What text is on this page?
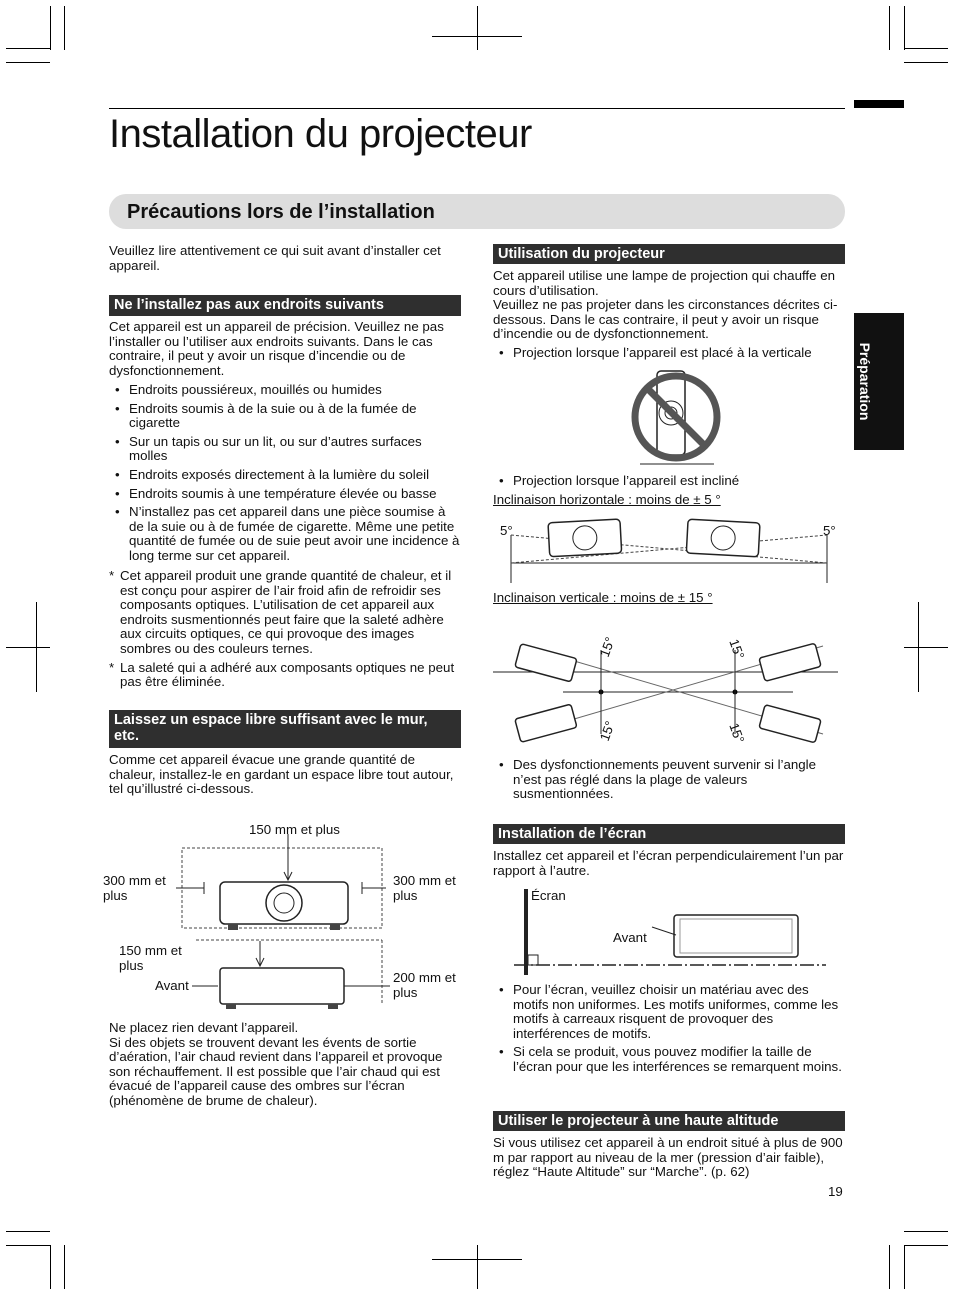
Installation du projecteur
Précautions lors de l’installation
Préparation
Veuillez lire attentivement ce qui suit avant d’installer cet appareil.
Ne l’installez pas aux endroits suivants
Cet appareil est un appareil de précision. Veuillez ne pas l’installer ou l’utiliser aux endroits suivants. Dans le cas contraire, il peut y avoir un risque d’incendie ou de dysfonctionnement.
• Endroits poussiéreux, mouillés ou humides
• Endroits soumis à de la suie ou à de la fumée de cigarette
• Sur un tapis ou sur un lit, ou sur d’autres surfaces molles
• Endroits exposés directement à la lumière du soleil
• Endroits soumis à une température élevée ou basse
• N’installez pas cet appareil dans une pièce soumise à de la suie ou à de fumée de cigarette. Même une petite quantité de fumée ou de suie peut avoir une incidence à long terme sur cet appareil.
* Cet appareil produit une grande quantité de chaleur, et il est conçu pour aspirer de l’air froid afin de refroidir ses composants optiques. L’utilisation de cet appareil aux endroits susmentionnés peut faire que la saleté adhère aux circuits optiques, ce qui provoque des images sombres ou des couleurs ternes.
* La saleté qui a adhéré aux composants optiques ne peut pas être éliminée.
Laissez un espace libre suffisant avec le mur, etc.
Comme cet appareil évacue une grande quantité de chaleur, installez-le en gardant un espace libre tout autour, tel qu’illustré ci-dessous.
150 mm et plus
300 mm et plus
300 mm et plus
150 mm et plus
Avant
200 mm et plus
Ne placez rien devant l’appareil.
Si des objets se trouvent devant les évents de sortie d’aération, l’air chaud revient dans l’appareil et provoque son réchauffement. Il est possible que l’air chaud qui est évacué de l’appareil cause des ombres sur l’écran (phénomène de brume de chaleur).
Utilisation du projecteur
Cet appareil utilise une lampe de projection qui chauffe en cours d’utilisation.
Veuillez ne pas projeter dans les circonstances décrites ci-dessous. Dans le cas contraire, il peut y avoir un risque d’incendie ou de dysfonctionnement.
• Projection lorsque l’appareil est placé à la verticale
• Projection lorsque l’appareil est incliné
Inclinaison horizontale : moins de ± 5 °
5°	5°
Inclinaison verticale : moins de ± 15 °
15°	15°
15°	15°
• Des dysfonctionnements peuvent survenir si l’angle n’est pas réglé dans la plage de valeurs susmentionnées.
Installation de l’écran
Installez cet appareil et l’écran perpendiculairement l’un par rapport à l’autre.
Écran
Avant
• Pour l’écran, veuillez choisir un matériau avec des motifs non uniformes. Les motifs uniformes, comme les motifs à carreaux risquent de provoquer des interférences de motifs.
• Si cela se produit, vous pouvez modifier la taille de l’écran pour que les interférences se remarquent moins.
Utiliser le projecteur à une haute altitude
Si vous utilisez cet appareil à un endroit situé à plus de 900 m par rapport au niveau de la mer (pression d’air faible), réglez “Haute Altitude” sur “Marche”. (p. 62)
19
